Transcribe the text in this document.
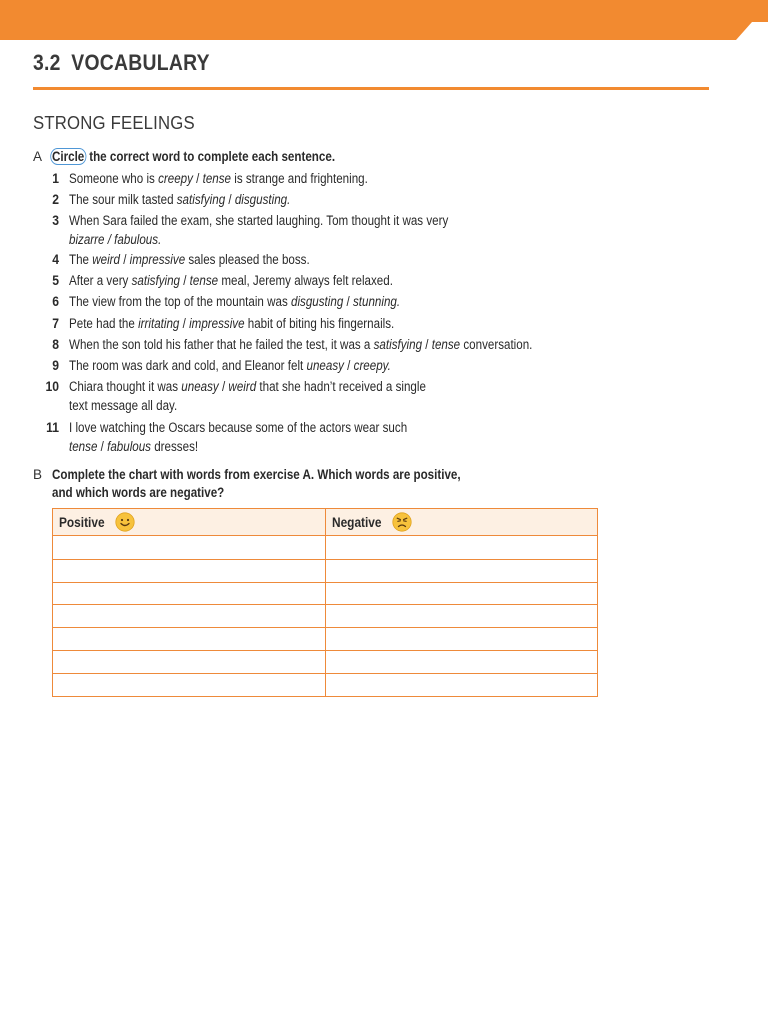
3.2 VOCABULARY
STRONG FEELINGS
A Circle the correct word to complete each sentence.
1 Someone who is creepy / tense is strange and frightening.
2 The sour milk tasted satisfying / disgusting.
3 When Sara failed the exam, she started laughing. Tom thought it was very
bizarre / fabulous.
4 The weird / impressive sales pleased the boss.
5 After a very satisfying / tense meal, Jeremy always felt relaxed.
6 The view from the top of the mountain was disgusting / stunning.
7 Pete had the irritating / impressive habit of biting his fingernails.
8 When the son told his father that he failed the test, it was a satisfying / tense conversation.
9 The room was dark and cold, and Eleanor felt uneasy / creepy.
10 Chiara thought it was uneasy / weird that she hadn’t received a single
text message all day.
11 I love watching the Oscars because some of the actors wear such
tense / fabulous dresses!
B Complete the chart with words from exercise A. Which words are positive,
and which words are negative?
Positive	Negative
